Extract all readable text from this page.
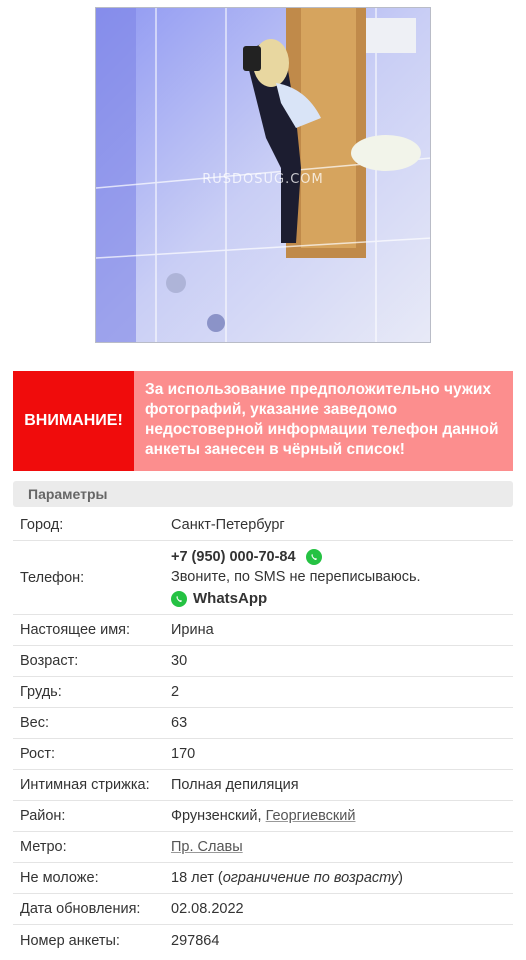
RUSDOSUG.COM
ВНИМАНИЕ!
За использование предположительно чужих фотографий, указание заведомо недостоверной информации телефон данной анкеты занесен в чёрный список!
Параметры
Город:	Санкт-Петербург
Телефон:
+7 (950) 000-70-84
Звоните, по SMS не переписываюсь.
WhatsApp
Настоящее имя:	Ирина
Возраст:	30
Грудь:	2
Вес:	63
Рост:	170
Интимная стрижка:	Полная депиляция
Район:	Фрунзенский, Георгиевский
Метро:	Пр. Славы
Не моложе:	18 лет (ограничение по возрасту)
Дата обновления:	02.08.2022
Номер анкеты:	297864
